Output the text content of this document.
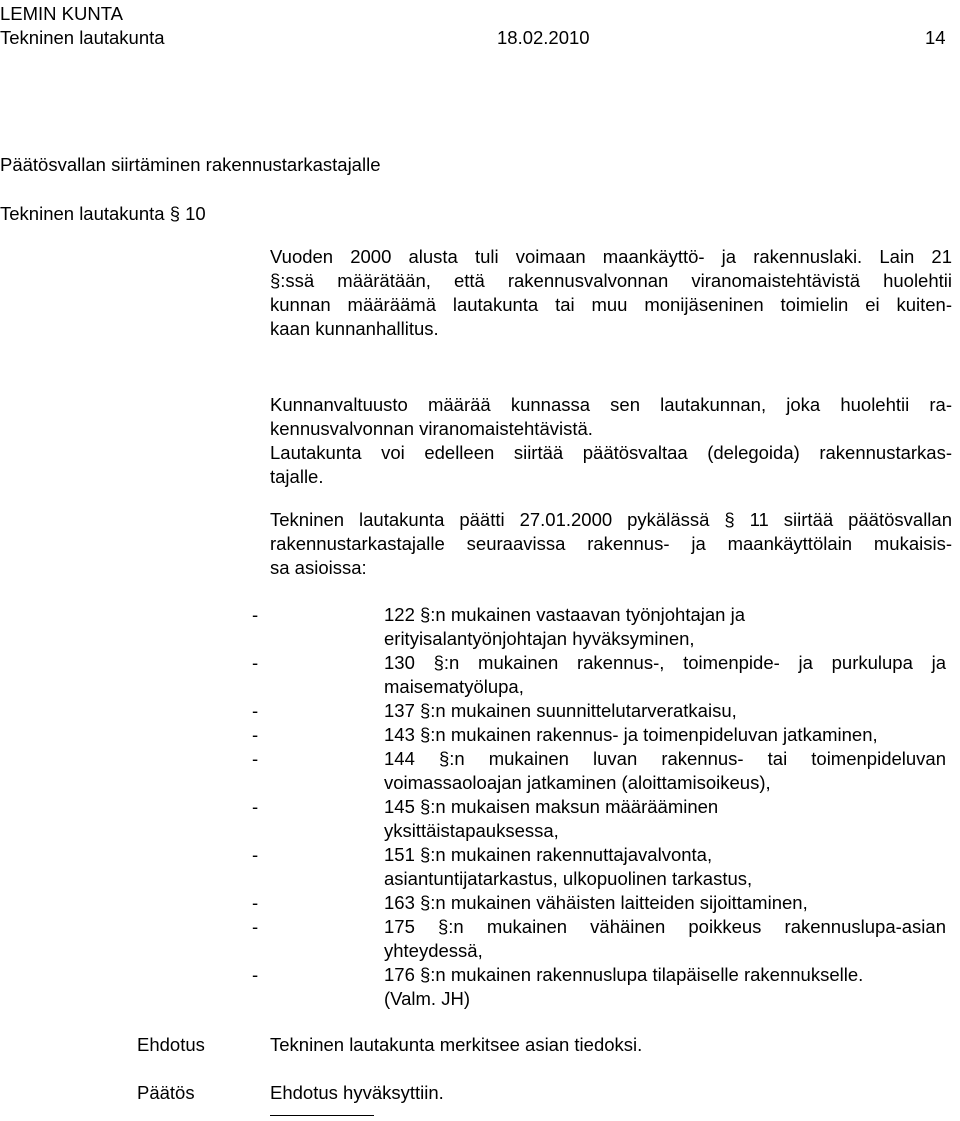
LEMIN KUNTA
Tekninen lautakunta	18.02.2010	14
Päätösvallan siirtäminen rakennustarkastajalle
Tekninen lautakunta § 10
Vuoden 2000 alusta tuli voimaan maankäyttö- ja rakennuslaki. Lain 21
§:ssä määrätään, että rakennusvalvonnan viranomaistehtävistä huolehtii
kunnan määräämä lautakunta tai muu monijäseninen toimielin ei kuiten-
kaan kunnanhallitus.
Kunnanvaltuusto määrää kunnassa sen lautakunnan, joka huolehtii ra-
kennusvalvonnan viranomaistehtävistä.
Lautakunta voi edelleen siirtää päätösvaltaa (delegoida) rakennustarkas-
tajalle.
Tekninen lautakunta päätti 27.01.2000 pykälässä § 11 siirtää päätösvallan
rakennustarkastajalle seuraavissa rakennus- ja maankäyttölain mukaisis-
sa asioissa:
-	122 §:n mukainen vastaavan työnjohtajan ja
erityisalantyönjohtajan hyväksyminen,
-	130 §:n mukainen rakennus-, toimenpide- ja purkulupa ja
maisematyölupa,
-	137 §:n mukainen suunnittelutarveratkaisu,
-	143 §:n mukainen rakennus- ja toimenpideluvan jatkaminen,
-	144 §:n mukainen luvan rakennus- tai toimenpideluvan
voimassaoloajan jatkaminen (aloittamisoikeus),
-	145 §:n mukaisen maksun määrääminen
yksittäistapauksessa,
-	151 §:n mukainen rakennuttajavalvonta,
asiantuntijatarkastus, ulkopuolinen tarkastus,
-	163 §:n mukainen vähäisten laitteiden sijoittaminen,
-	175 §:n mukainen vähäinen poikkeus rakennuslupa-asian
yhteydessä,
-	176 §:n mukainen rakennuslupa tilapäiselle rakennukselle.
(Valm. JH)
Ehdotus	Tekninen lautakunta merkitsee asian tiedoksi.
Päätös	Ehdotus hyväksyttiin.
